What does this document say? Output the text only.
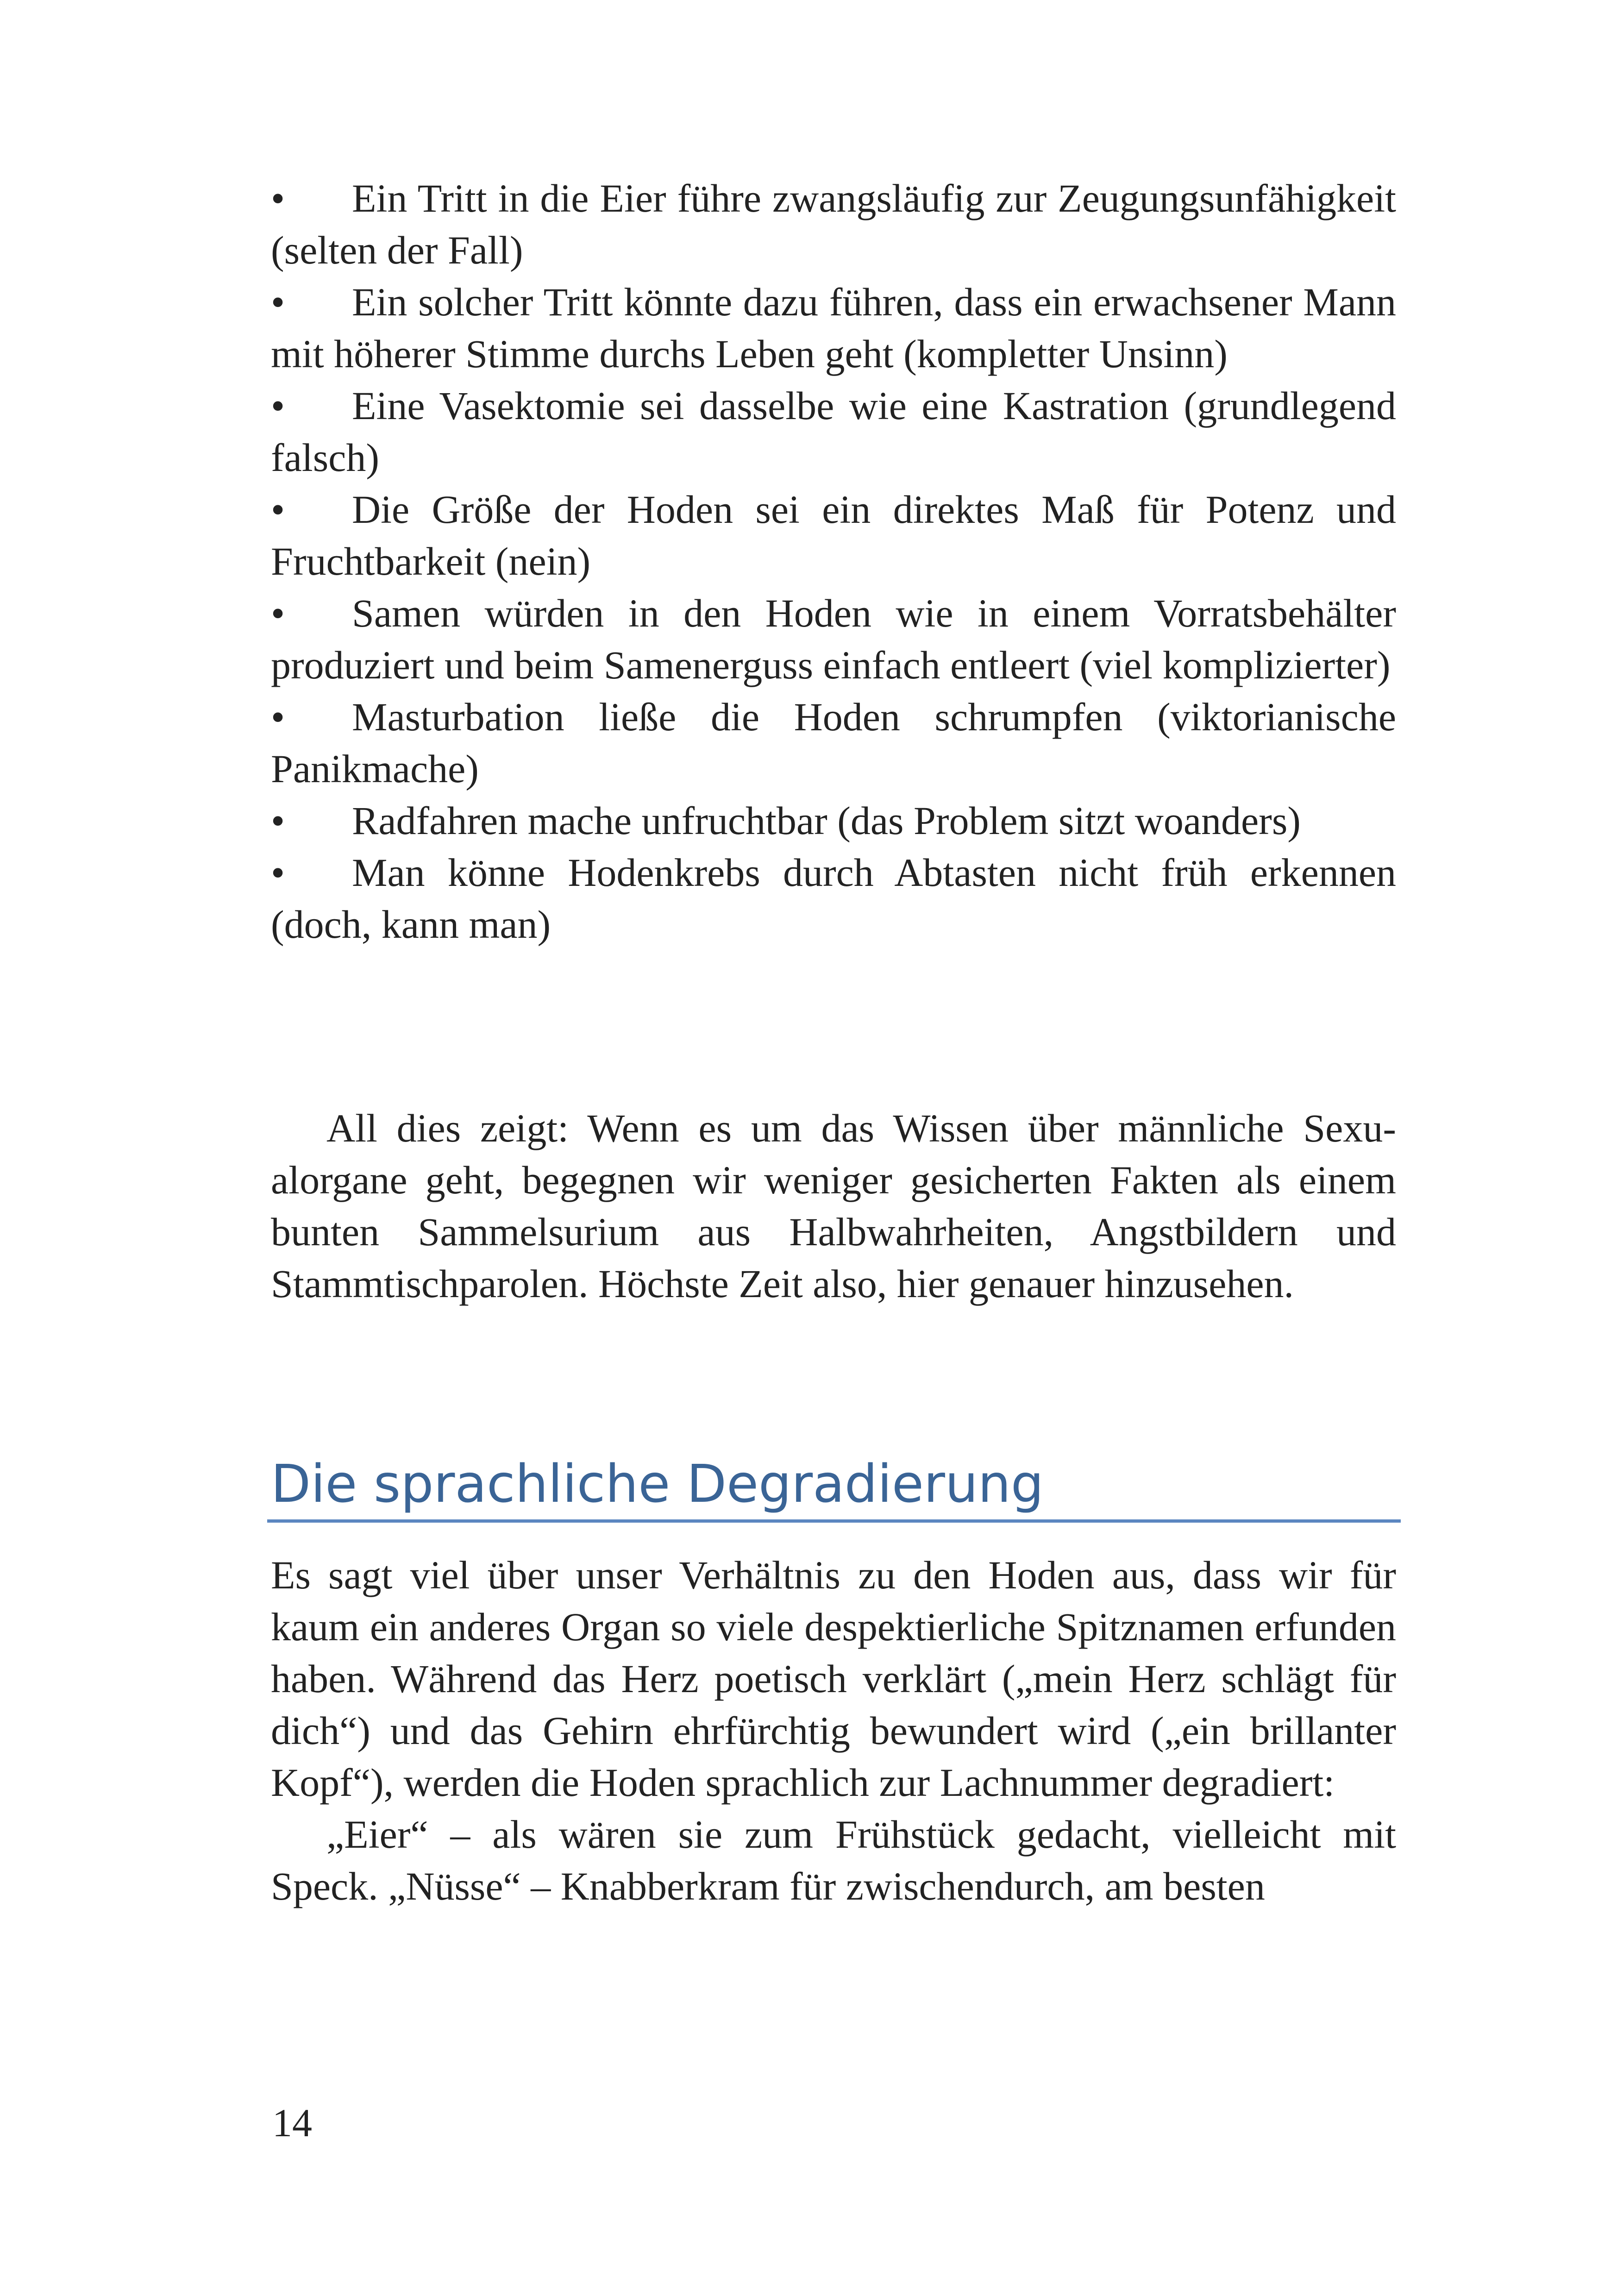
• Ein Tritt in die Eier führe zwangsläufig zur Zeugungsunfähigkeit (selten der Fall)

• Ein solcher Tritt könnte dazu führen, dass ein erwachsener Mann mit höherer Stimme durchs Leben geht (kompletter Unsinn)

• Eine Vasektomie sei dasselbe wie eine Kastration (grundlegend falsch)

• Die Größe der Hoden sei ein direktes Maß für Potenz und Fruchtbarkeit (nein)

• Samen würden in den Hoden wie in einem Vorratsbehälter produziert und beim Samenerguss einfach entleert (viel komplizierter)

• Masturbation ließe die Hoden schrumpfen (viktorianische Panikmache)

• Radfahren mache unfruchtbar (das Problem sitzt woanders)

• Man könne Hodenkrebs durch Abtasten nicht früh erkennen (doch, kann man)

All dies zeigt: Wenn es um das Wissen über männliche Sexualorgane geht, begegnen wir weniger gesicherten Fakten als einem bunten Sammelsurium aus Halbwahrheiten, Angstbildern und Stammtischparolen. Höchste Zeit also, hier genauer hinzusehen.

Die sprachliche Degradierung

Es sagt viel über unser Verhältnis zu den Hoden aus, dass wir für kaum ein anderes Organ so viele despektierliche Spitznamen erfunden haben. Während das Herz poetisch verklärt („mein Herz schlägt für dich“) und das Gehirn ehrfürchtig bewundert wird („ein brillanter Kopf“), werden die Hoden sprachlich zur Lachnummer degradiert:

„Eier“ – als wären sie zum Frühstück gedacht, vielleicht mit Speck. „Nüsse“ – Knabberkram für zwischendurch, am besten

14
